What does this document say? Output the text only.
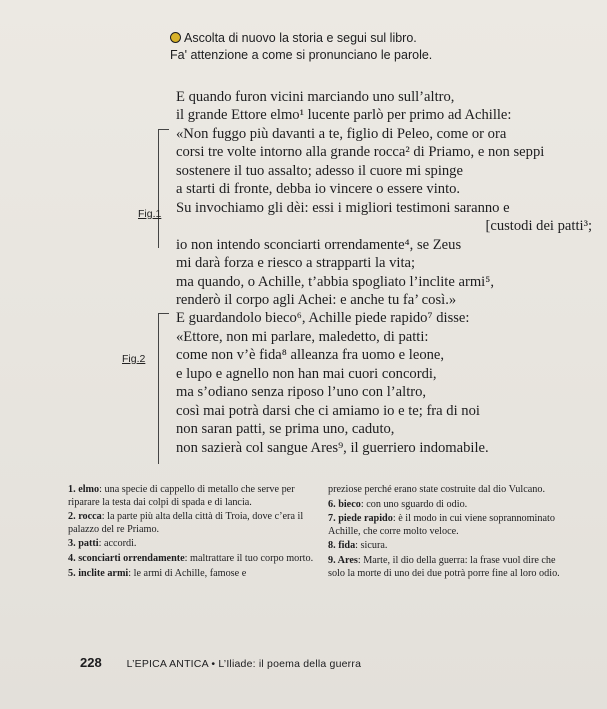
Ascolta di nuovo la storia e segui sul libro.
Fa' attenzione a come si pronunciano le parole.
Fig.1
Fig.2
E quando furon vicini marciando uno sull’altro,
il grande Ettore elmo¹ lucente parlò per primo ad Achille:
«Non fuggo più davanti a te, figlio di Peleo, come or ora
corsi tre volte intorno alla grande rocca² di Priamo, e non seppi
sostenere il tuo assalto; adesso il cuore mi spinge
a starti di fronte, debba io vincere o essere vinto.
Su invochiamo gli dèi: essi i migliori testimoni saranno e
[custodi dei patti³;
io non intendo sconciarti orrendamente⁴, se Zeus
mi darà forza e riesco a strapparti la vita;
ma quando, o Achille, t’abbia spogliato l’inclite armi⁵,
renderò il corpo agli Achei: e anche tu fa’ così.»
E guardandolo bieco⁶, Achille piede rapido⁷ disse:
«Ettore, non mi parlare, maledetto, di patti:
come non v’è fida⁸ alleanza fra uomo e leone,
e lupo e agnello non han mai cuori concordi,
ma s’odiano senza riposo l’uno con l’altro,
così mai potrà darsi che ci amiamo io e te; fra di noi
non saran patti, se prima uno, caduto,
non sazierà col sangue Ares⁹, il guerriero indomabile.

1. elmo: una specie di cappello di metallo che serve per riparare la testa dai colpi di spada e di lancia.

2. rocca: la parte più alta della città di Troia, dove c’era il palazzo del re Priamo.

3. patti: accordi.

4. sconciarti orrendamente: maltrattare il tuo corpo morto.

5. inclite armi: le armi di Achille, famose e

preziose perché erano state costruite dal dio Vulcano.

6. bieco: con uno sguardo di odio.

7. piede rapido: è il modo in cui viene soprannominato Achille, che corre molto veloce.

8. fida: sicura.

9. Ares: Marte, il dio della guerra: la frase vuol dire che solo la morte di uno dei due potrà porre fine al loro odio.

228 L’EPICA ANTICA • L’Iliade: il poema della guerra
